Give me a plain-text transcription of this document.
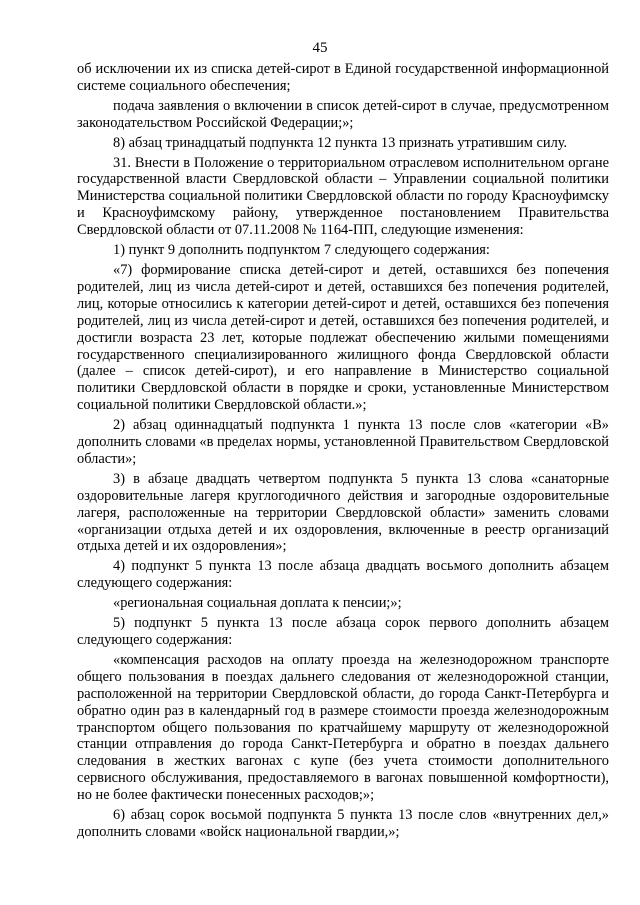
45

об исключении их из списка детей-сирот в Единой государственной информационной системе социального обеспечения;

подача заявления о включении в список детей-сирот в случае, предусмотренном законодательством Российской Федерации;»;

8) абзац тринадцатый подпункта 12 пункта 13 признать утратившим силу.

31. Внести в Положение о территориальном отраслевом исполнительном органе государственной власти Свердловской области – Управлении социальной политики Министерства социальной политики Свердловской области по городу Красноуфимску и Красноуфимскому району, утвержденное постановлением Правительства Свердловской области от 07.11.2008 № 1164-ПП, следующие изменения:

1) пункт 9 дополнить подпунктом 7 следующего содержания:

«7) формирование списка детей-сирот и детей, оставшихся без попечения родителей, лиц из числа детей-сирот и детей, оставшихся без попечения родителей, лиц, которые относились к категории детей-сирот и детей, оставшихся без попечения родителей, лиц из числа детей-сирот и детей, оставшихся без попечения родителей, и достигли возраста 23 лет, которые подлежат обеспечению жилыми помещениями государственного специализированного жилищного фонда Свердловской области (далее – список детей-сирот), и его направление в Министерство социальной политики Свердловской области в порядке и сроки, установленные Министерством социальной политики Свердловской области.»;

2) абзац одиннадцатый подпункта 1 пункта 13 после слов «категории «В» дополнить словами «в пределах нормы, установленной Правительством Свердловской области»;

3) в абзаце двадцать четвертом подпункта 5 пункта 13 слова «санаторные оздоровительные лагеря круглогодичного действия и загородные оздоровительные лагеря, расположенные на территории Свердловской области» заменить словами «организации отдыха детей и их оздоровления, включенные в реестр организаций отдыха детей и их оздоровления»;

4) подпункт 5 пункта 13 после абзаца двадцать восьмого дополнить абзацем следующего содержания:

«региональная социальная доплата к пенсии;»;

5) подпункт 5 пункта 13 после абзаца сорок первого дополнить абзацем следующего содержания:

«компенсация расходов на оплату проезда на железнодорожном транспорте общего пользования в поездах дальнего следования от железнодорожной станции, расположенной на территории Свердловской области, до города Санкт-Петербурга и обратно один раз в календарный год в размере стоимости проезда железнодорожным транспортом общего пользования по кратчайшему маршруту от железнодорожной станции отправления до города Санкт-Петербурга и обратно в поездах дальнего следования в жестких вагонах с купе (без учета стоимости дополнительного сервисного обслуживания, предоставляемого в вагонах повышенной комфортности), но не более фактически понесенных расходов;»;

6) абзац сорок восьмой подпункта 5 пункта 13 после слов «внутренних дел,» дополнить словами «войск национальной гвардии,»;
